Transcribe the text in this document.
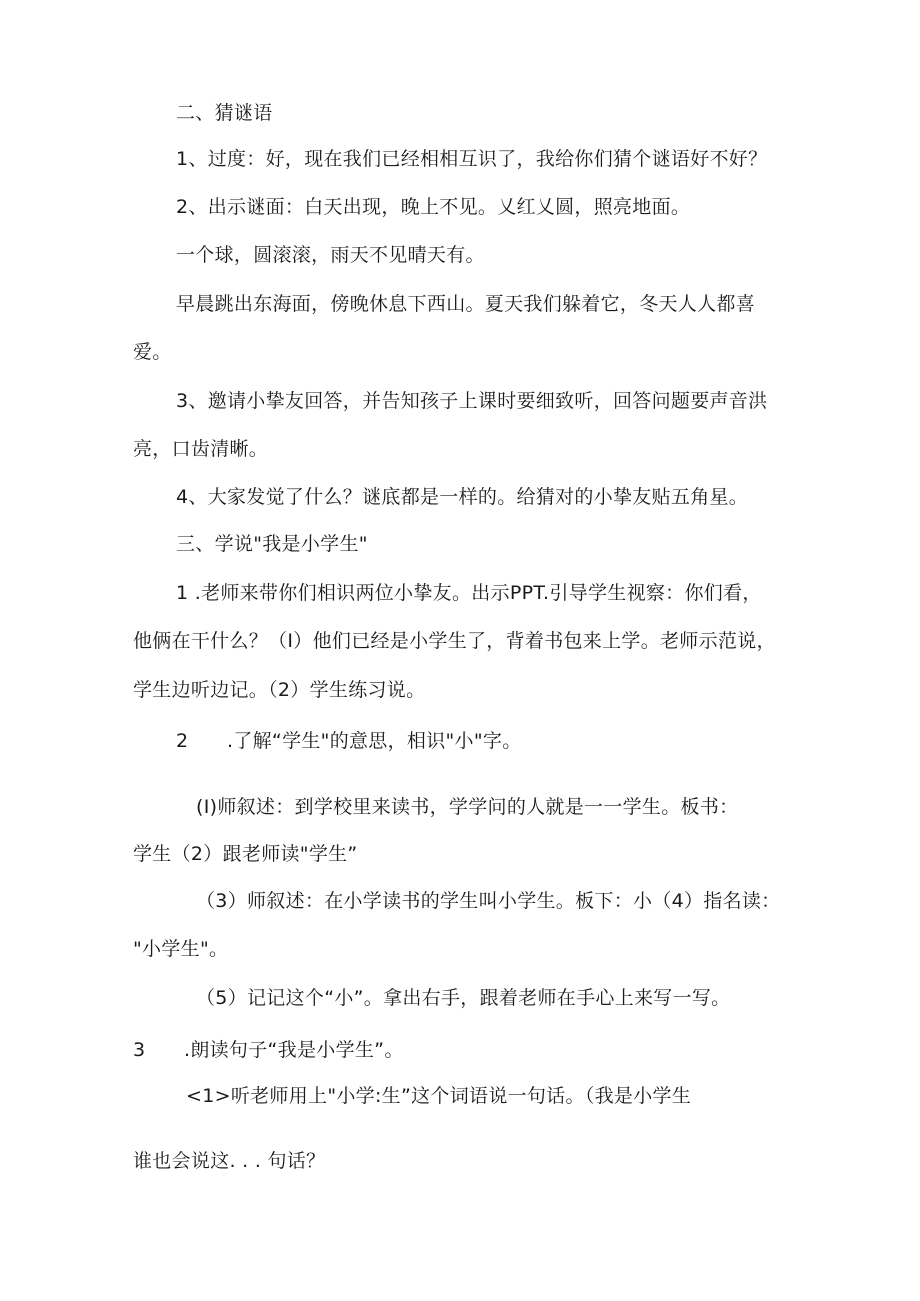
二、猜谜语
1、过度：好，现在我们已经相相互识了，我给你们猜个谜语好不好？
2、出示谜面：白天出现，晚上不见。乂红乂圆，照亮地面。
一个球，圆滚滚，雨天不见晴天有。
早晨跳出东海面，傍晚休息下西山。夏天我们躲着它，冬天人人都喜
爱。
3、邀请小挚友回答，并告知孩子上课时要细致听，回答问题要声音洪
亮，口齿清晰。
4、大家发觉了什么？谜底都是一样的。给猜对的小挚友贴五角星。
三、学说"我是小学生"
1 .老师来带你们相识两位小挚友。出示PPT.引导学生视察：你们看，
他俩在干什么？（I）他们已经是小学生了，背着书包来上学。老师示范说，
学生边听边记。（2）学生练习说。
2　　.了解“学生"的意思，相识"小"字。
(I)师叙述：到学校里来读书，学学问的人就是一一学生。板书：
学生（2）跟老师读"学生”
（3）师叙述：在小学读书的学生叫小学生。板下：小（4）指名读：
"小学生"。
（5）记记这个“小”。拿出右手，跟着老师在手心上来写一写。
3　　.朗读句子“我是小学生”。
<1>听老师用上"小学:生”这个词语说一句话。（我是小学生
谁也会说这. . . 句话？
